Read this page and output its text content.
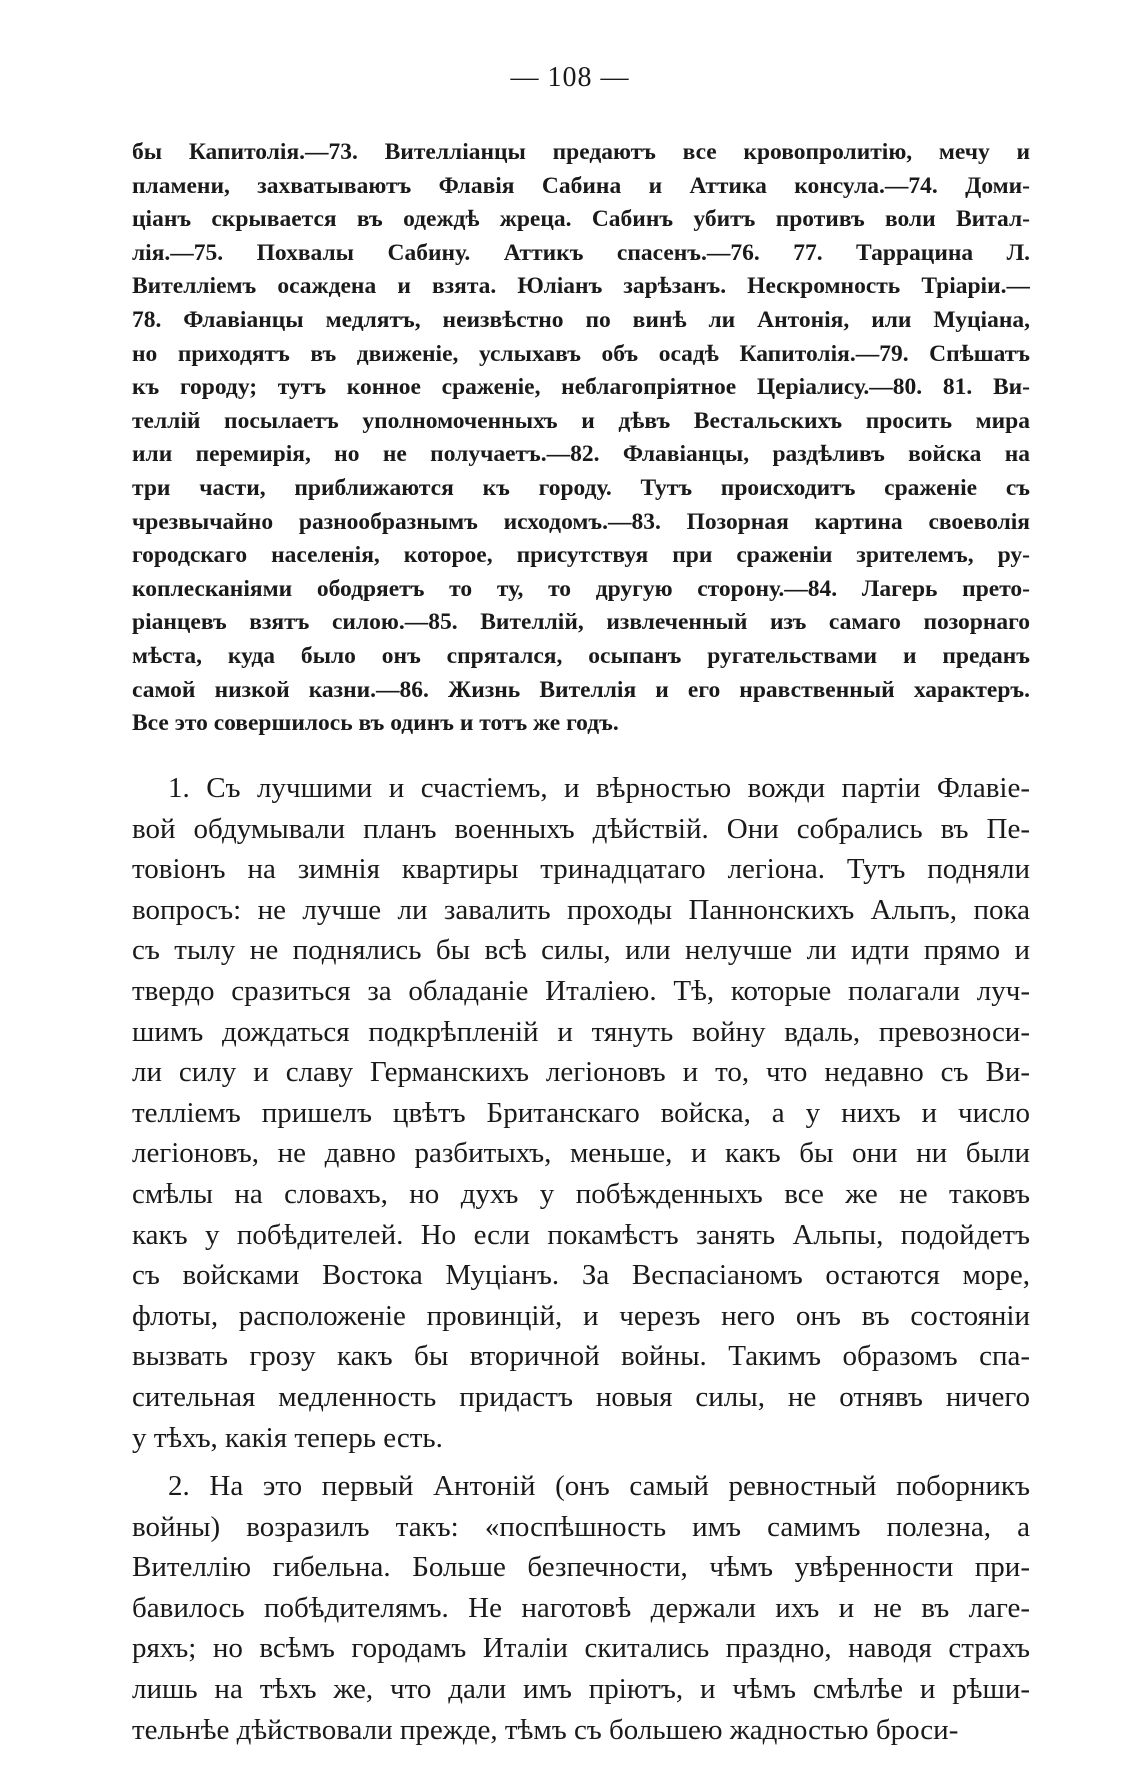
— 108 —
бы Капитолія.—73. Вителліанцы предаютъ все кровопролитію, мечу и
пламени, захватываютъ Флавія Сабина и Аттика консула.—74. Доми-
ціанъ скрывается въ одеждѣ жреца. Сабинъ убитъ противъ воли Витал-
лія.—75. Похвалы Сабину. Аттикъ спасенъ.—76. 77. Таррацина Л.
Вителліемъ осаждена и взята. Юліанъ зарѣзанъ. Нескромность Тріаріи.—
78. Флавіанцы медлятъ, неизвѣстно по винѣ ли Антонія, или Муціана,
но приходятъ въ движеніе, услыхавъ объ осадѣ Капитолія.—79. Спѣшатъ
къ городу; тутъ конное сраженіе, неблагопріятное Церіалису.—80. 81. Ви-
теллій посылаетъ уполномоченныхъ и дѣвъ Вестальскихъ просить мира
или перемирія, но не получаетъ.—82. Флавіанцы, раздѣливъ войска на
три части, приближаются къ городу. Тутъ происходитъ сраженіе съ
чрезвычайно разнообразнымъ исходомъ.—83. Позорная картина своеволія
городскаго населенія, которое, присутствуя при сраженіи зрителемъ, ру-
коплесканіями ободряетъ то ту, то другую сторону.—84. Лагерь прето-
ріанцевъ взятъ силою.—85. Вителлій, извлеченный изъ самаго позорнаго
мѣста, куда было онъ спрятался, осыпанъ ругательствами и преданъ
самой низкой казни.—86. Жизнь Вителлія и его нравственный характеръ.
Все это совершилось въ одинъ и тотъ же годъ.
1. Съ лучшими и счастіемъ, и вѣрностью вожди партіи Флавіе-
вой обдумывали планъ военныхъ дѣйствій. Они собрались въ Пе-
товіонъ на зимнія квартиры тринадцатаго легіона. Тутъ подняли
вопросъ: не лучше ли завалить проходы Паннонскихъ Альпъ, пока
съ тылу не поднялись бы всѣ силы, или нелучше ли идти прямо и
твердо сразиться за обладаніе Италіею. Тѣ, которые полагали луч-
шимъ дождаться подкрѣпленій и тянуть войну вдаль, превозноси-
ли силу и славу Германскихъ легіоновъ и то, что недавно съ Ви-
телліемъ пришелъ цвѣтъ Британскаго войска, а у нихъ и число
легіоновъ, не давно разбитыхъ, меньше, и какъ бы они ни были
смѣлы на словахъ, но духъ у побѣжденныхъ все же не таковъ
какъ у побѣдителей. Но если покамѣстъ занять Альпы, подойдетъ
съ войсками Востока Муціанъ. За Веспасіаномъ остаются море,
флоты, расположеніе провинцій, и черезъ него онъ въ состояніи
вызвать грозу какъ бы вторичной войны. Такимъ образомъ спа-
сительная медленность придастъ новыя силы, не отнявъ ничего
у тѣхъ, какія теперь есть.
2. На это первый Антоній (онъ самый ревностный поборникъ
войны) возразилъ такъ: «поспѣшность имъ самимъ полезна, а
Вителлію гибельна. Больше безпечности, чѣмъ увѣренности при-
бавилось побѣдителямъ. Не наготовѣ держали ихъ и не въ лаге-
ряхъ; но всѣмъ городамъ Италіи скитались праздно, наводя страхъ
лишь на тѣхъ же, что дали имъ пріютъ, и чѣмъ смѣлѣе и рѣши-
тельнѣе дѣйствовали прежде, тѣмъ съ большею жадностью броси-
